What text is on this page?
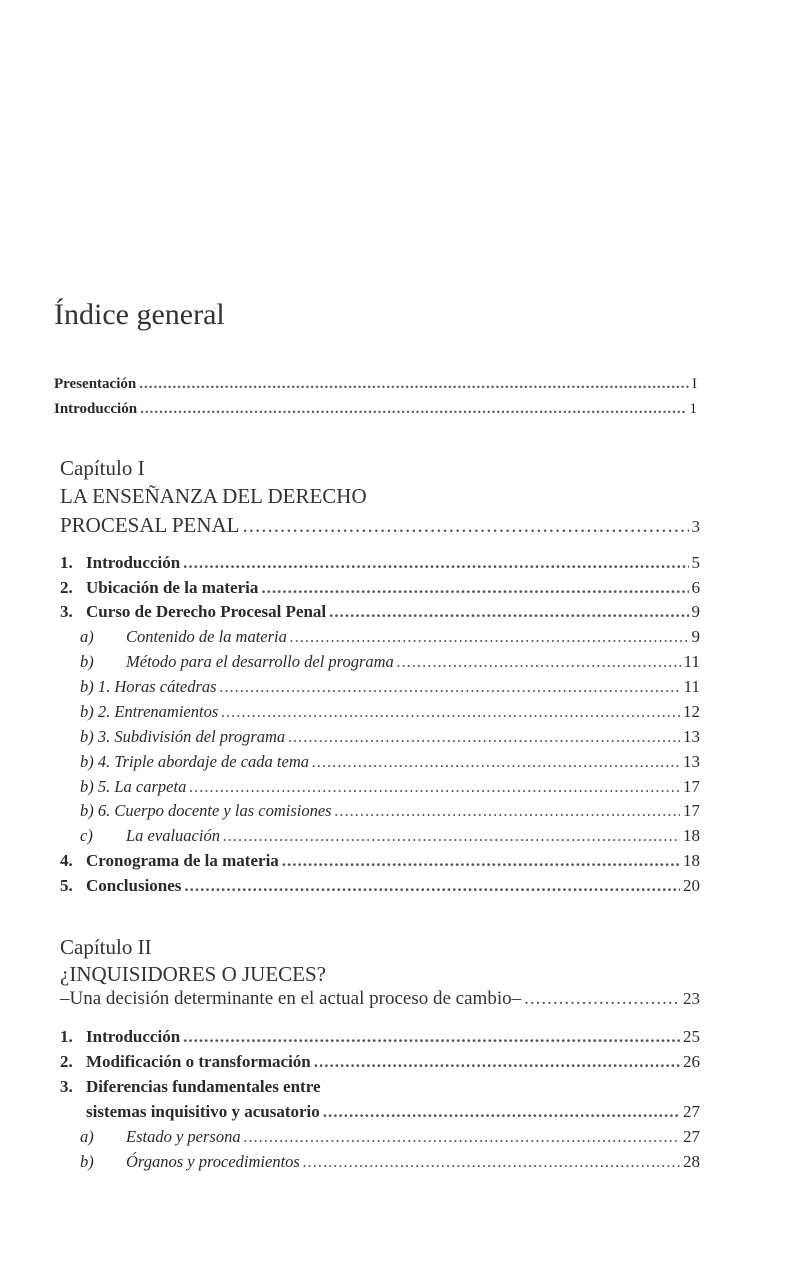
Índice general
Presentación .....	I
Introducción .....	1
Capítulo I
LA ENSEÑANZA DEL DERECHO
PROCESAL PENAL .....	3
1. Introducción .....	5
2. Ubicación de la materia .....	6
3. Curso de Derecho Procesal Penal .....	9
a) Contenido de la materia .....	9
b) Método para el desarrollo del programa .....	11
b) 1. Horas cátedras .....	11
b) 2. Entrenamientos .....	12
b) 3. Subdivisión del programa .....	13
b) 4. Triple abordaje de cada tema .....	13
b) 5. La carpeta .....	17
b) 6. Cuerpo docente y las comisiones .....	17
c) La evaluación .....	18
4. Cronograma de la materia .....	18
5. Conclusiones .....	20
Capítulo II
¿INQUISIDORES O JUECES?
–Una decisión determinante en el actual proceso de cambio– .....	23
1. Introducción .....	25
2. Modificación o transformación .....	26
3. Diferencias fundamentales entre
sistemas inquisitivo y acusatorio .....	27
a) Estado y persona .....	27
b) Órganos y procedimientos .....	28
